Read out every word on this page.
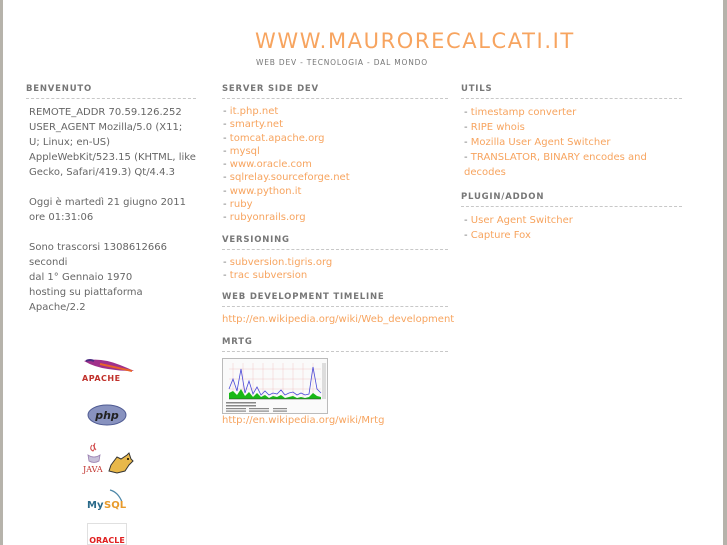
WWW.MAURORECALCATI.IT
WEB DEV - TECNOLOGIA - DAL MONDO
BENVENUTO

REMOTE_ADDR 70.59.126.252
USER_AGENT Mozilla/5.0 (X11; U; Linux; en-US) AppleWebKit/523.15 (KHTML, like Gecko, Safari/419.3) Qt/4.4.3

Oggi è martedì 21 giugno 2011 ore 01:31:06

Sono trascorsi 1308612666 secondi
dal 1° Gennaio 1970
hosting su piattaforma Apache/2.2

APACHE
php
JAVA
My SQL
ORACLE
SERVER SIDE DEV
- it.php.net
- smarty.net
- tomcat.apache.org
- mysql
- www.oracle.com
- sqlrelay.sourceforge.net
- www.python.it
- ruby
- rubyonrails.org
VERSIONING
- subversion.tigris.org
- trac subversion
WEB DEVELOPMENT TIMELINE
http://en.wikipedia.org/wiki/Web_development
MRTG
http://en.wikipedia.org/wiki/Mrtg
UTILS
- timestamp converter
- RIPE whois
- Mozilla User Agent Switcher
- TRANSLATOR, BINARY encodes and decodes
PLUGIN/ADDON
- User Agent Switcher
- Capture Fox
